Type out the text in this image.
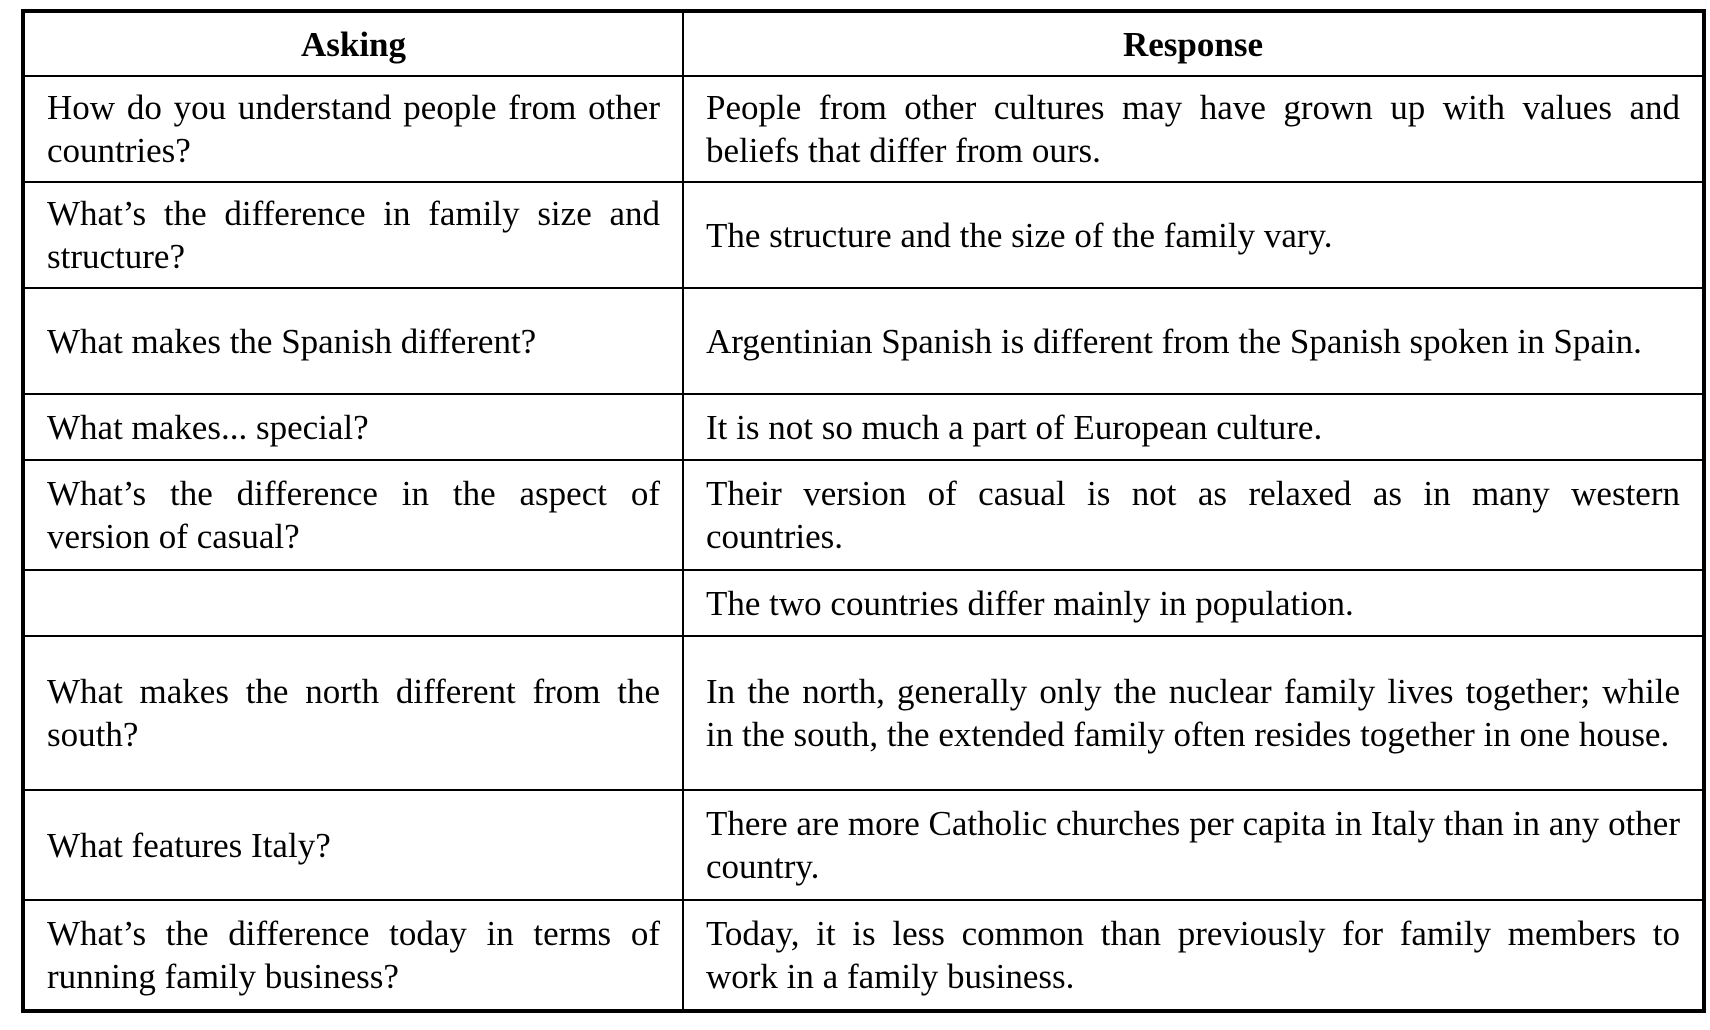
Asking	Response
How do you understand people from other countries?	People from other cultures may have grown up with values and beliefs that differ from ours.
What’s the difference in family size and structure?	The structure and the size of the family vary.
What makes the Spanish different?	Argentinian Spanish is different from the Spanish spoken in Spain.
What makes... special?	It is not so much a part of European culture.
What’s the difference in the aspect of version of casual?	Their version of casual is not as relaxed as in many western countries.
	The two countries differ mainly in population.
What makes the north different from the south?	In the north, generally only the nuclear family lives together; while in the south, the extended family often resides together in one house.
What features Italy?	There are more Catholic churches per capita in Italy than in any other country.
What’s the difference today in terms of running family business?	Today, it is less common than previously for family members to work in a family business.
